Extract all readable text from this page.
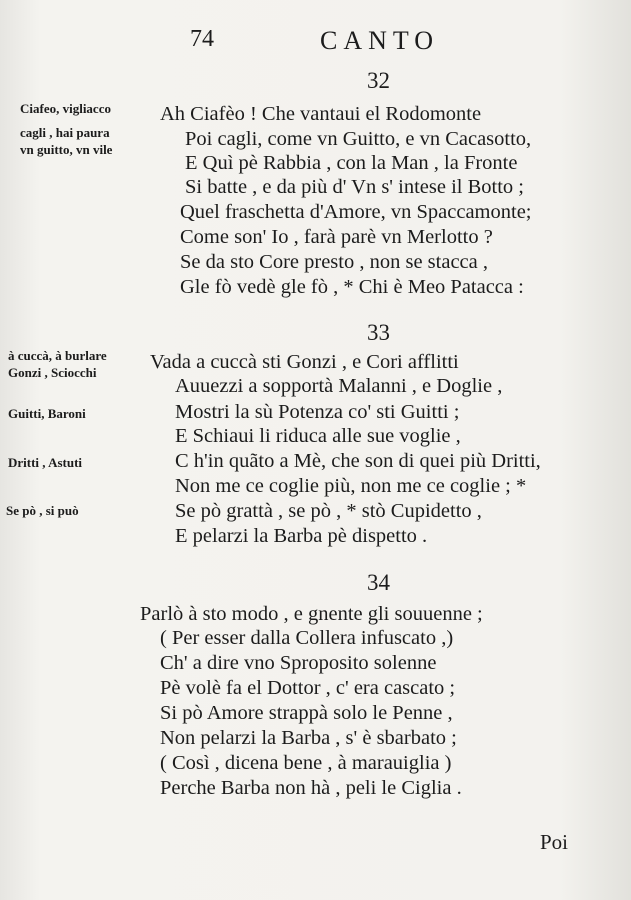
74	CANTO
32
Ciafeo, vigliacco
cagli , hai paura
vn guitto, vn vile
Ah Ciafèo ! Che vantaui el Rodomonte
Poi cagli, come vn Guitto, e vn Cacasotto,
E Quì pè Rabbia , con la Man , la Fronte
Si batte , e da più d' Vn s' intese il Botto ;
Quel fraschetta d'Amore, vn Spaccamonte;
Come son' Io , farà parè vn Merlotto ?
Se da sto Core presto , non se stacca ,
Gle fò vedè gle fò , * Chi è Meo Patacca :
33
à cuccà, à burlare
Gonzi , Sciocchi
Guitti, Baroni
Dritti , Astuti
Se pò , si può
Vada a cuccà sti Gonzi , e Cori afflitti
Auuezzi a sopportà Malanni , e Doglie ,
Mostri la sù Potenza co' sti Guitti ;
E Schiaui li riduca alle sue voglie ,
C h'in quãto a Mè, che son di quei più Dritti,
Non me ce coglie più, non me ce coglie ; *
Se pò grattà , se pò , * stò Cupidetto ,
E pelarzi la Barba pè dispetto .
34
Parlò à sto modo , e gnente gli souuenne ;
( Per esser dalla Collera infuscato ,)
Ch' a dire vno Sproposito solenne
Pè volè fa el Dottor , c' era cascato ;
Si pò Amore strappà solo le Penne ,
Non pelarzi la Barba , s' è sbarbato ;
( Così , dicena bene , à marauiglia )
Perche Barba non hà , peli le Ciglia .
Poi
